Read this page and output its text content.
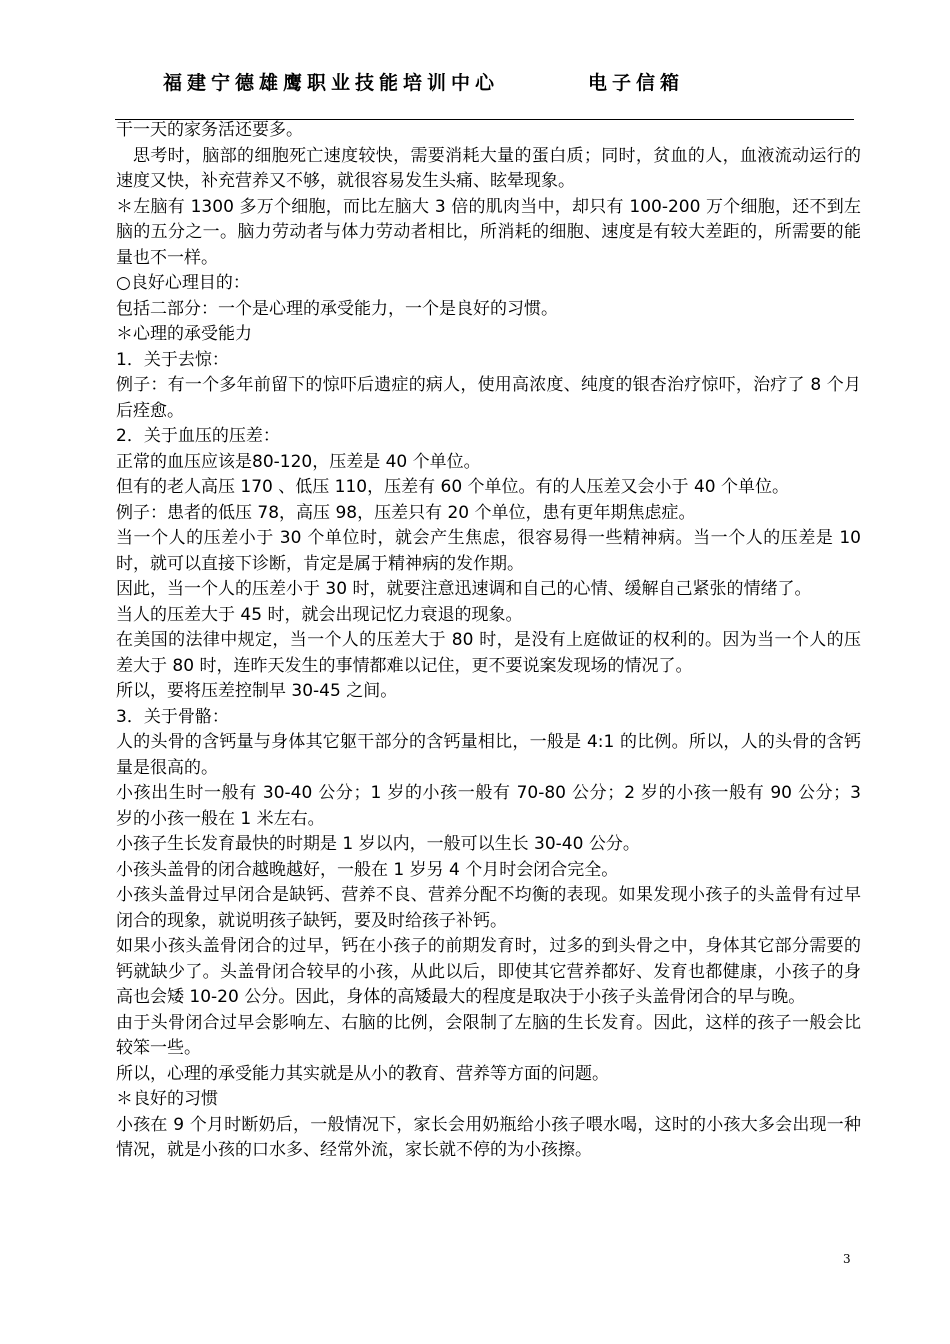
福建宁德雄鹰职业技能培训中心	电子信箱

干一天的家务活还要多。

思考时，脑部的细胞死亡速度较快，需要消耗大量的蛋白质；同时，贫血的人，血液流动运行的速度又快，补充营养又不够，就很容易发生头痛、眩晕现象。

＊左脑有 1300 多万个细胞，而比左脑大 3 倍的肌肉当中，却只有 100-200 万个细胞，还不到左脑的五分之一。脑力劳动者与体力劳动者相比，所消耗的细胞、速度是有较大差距的，所需要的能量也不一样。

○良好心理目的：

包括二部分：一个是心理的承受能力，一个是良好的习惯。

＊心理的承受能力

1．关于去惊：

例子：有一个多年前留下的惊吓后遗症的病人，使用高浓度、纯度的银杏治疗惊吓，治疗了 8 个月后痊愈。

2．关于血压的压差：

正常的血压应该是80-120，压差是 40 个单位。

但有的老人高压 170 、低压 110，压差有 60 个单位。有的人压差又会小于 40 个单位。

例子：患者的低压 78，高压 98，压差只有 20 个单位，患有更年期焦虑症。

当一个人的压差小于 30 个单位时，就会产生焦虑，很容易得一些精神病。当一个人的压差是 10 时，就可以直接下诊断，肯定是属于精神病的发作期。

因此，当一个人的压差小于 30 时，就要注意迅速调和自己的心情、缓解自己紧张的情绪了。

当人的压差大于 45 时，就会出现记忆力衰退的现象。

在美国的法律中规定，当一个人的压差大于 80 时，是没有上庭做证的权利的。因为当一个人的压差大于 80 时，连昨天发生的事情都难以记住，更不要说案发现场的情况了。

所以，要将压差控制早 30-45 之间。

3．关于骨骼：

人的头骨的含钙量与身体其它躯干部分的含钙量相比，一般是 4:1 的比例。所以，人的头骨的含钙量是很高的。

小孩出生时一般有 30-40 公分；1 岁的小孩一般有 70-80 公分；2 岁的小孩一般有 90 公分；3 岁的小孩一般在 1 米左右。

小孩子生长发育最快的时期是 1 岁以内，一般可以生长 30-40 公分。

小孩头盖骨的闭合越晚越好，一般在 1 岁另 4 个月时会闭合完全。

小孩头盖骨过早闭合是缺钙、营养不良、营养分配不均衡的表现。如果发现小孩子的头盖骨有过早闭合的现象，就说明孩子缺钙，要及时给孩子补钙。

如果小孩头盖骨闭合的过早，钙在小孩子的前期发育时，过多的到头骨之中，身体其它部分需要的钙就缺少了。头盖骨闭合较早的小孩，从此以后，即使其它营养都好、发育也都健康，小孩子的身高也会矮 10-20 公分。因此，身体的高矮最大的程度是取决于小孩子头盖骨闭合的早与晚。

由于头骨闭合过早会影响左、右脑的比例，会限制了左脑的生长发育。因此，这样的孩子一般会比较笨一些。

所以，心理的承受能力其实就是从小的教育、营养等方面的问题。

＊良好的习惯

小孩在 9 个月时断奶后，一般情况下，家长会用奶瓶给小孩子喂水喝，这时的小孩大多会出现一种情况，就是小孩的口水多、经常外流，家长就不停的为小孩擦。

3
